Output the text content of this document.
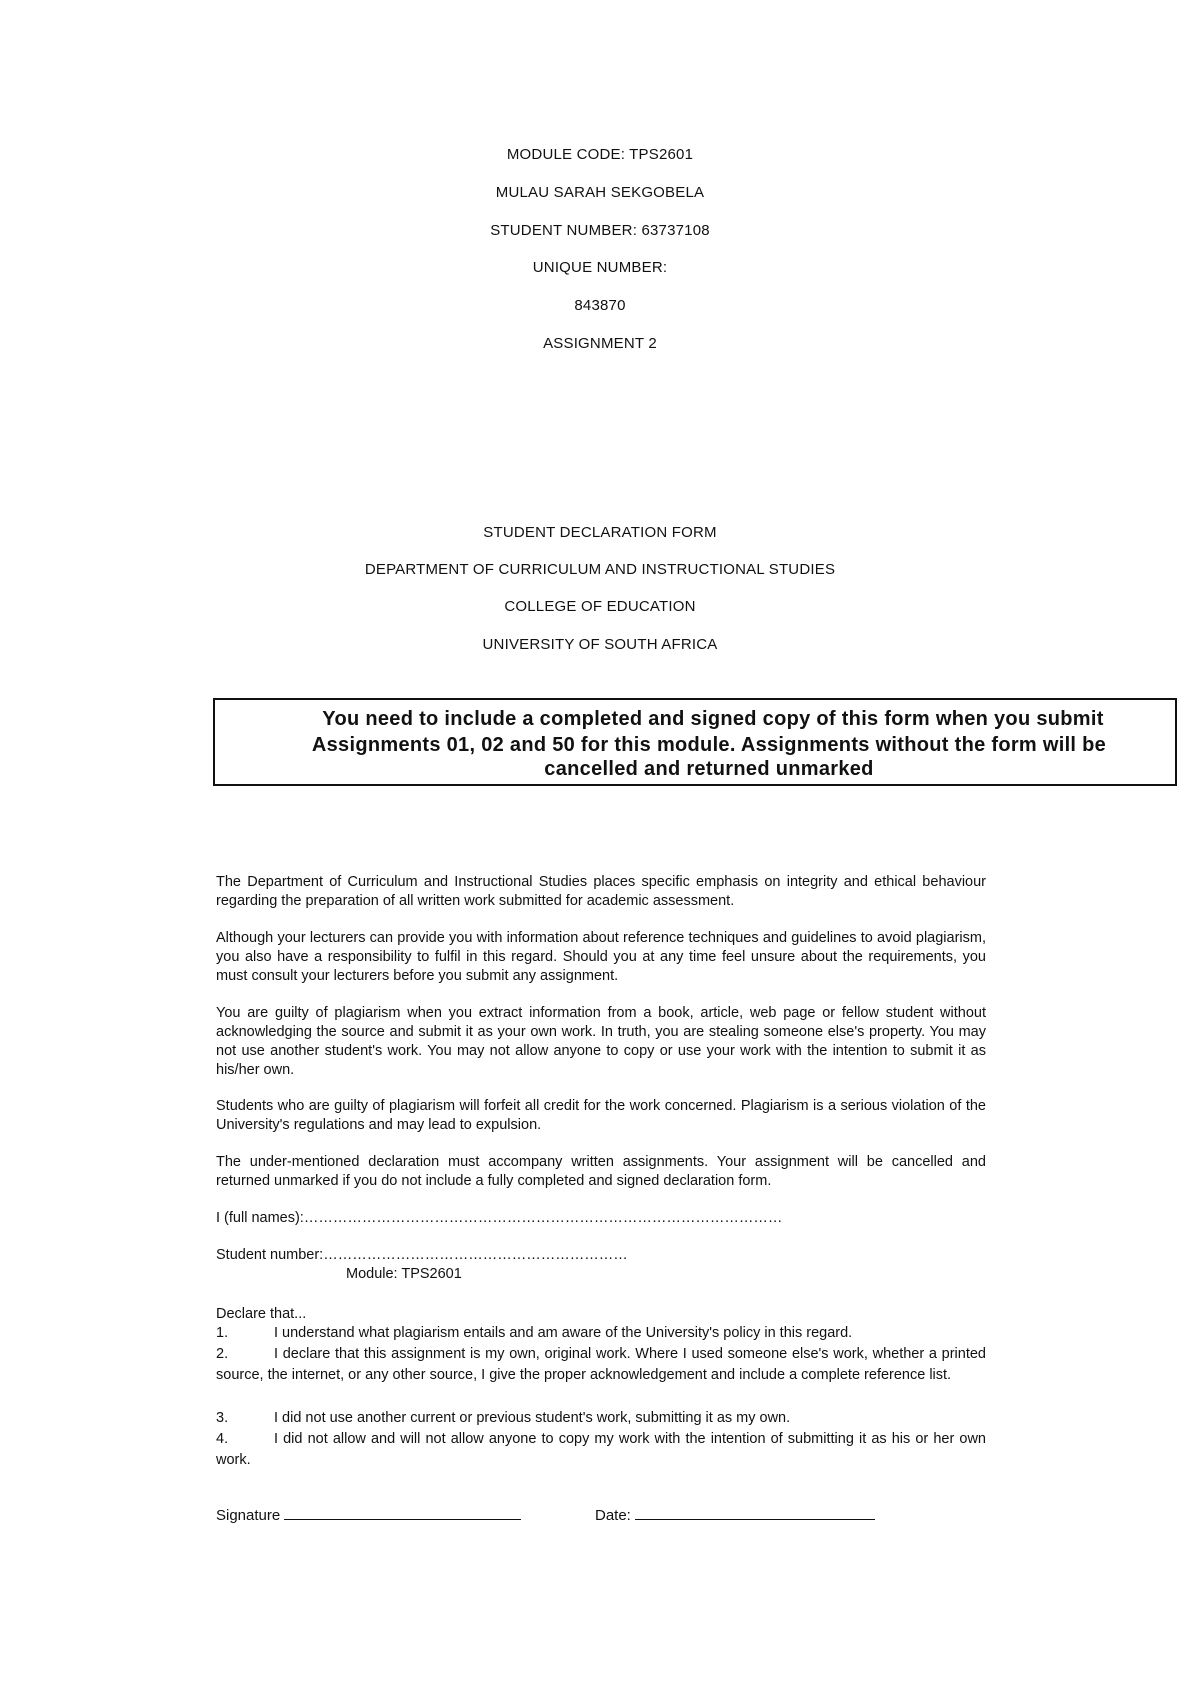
MODULE CODE: TPS2601
MULAU SARAH SEKGOBELA
STUDENT NUMBER: 63737108
UNIQUE NUMBER:
843870
ASSIGNMENT 2
STUDENT DECLARATION FORM
DEPARTMENT OF CURRICULUM AND INSTRUCTIONAL STUDIES
COLLEGE OF EDUCATION
UNIVERSITY OF SOUTH AFRICA
You need to include a completed and signed copy of this form when you submit
Assignments 01, 02 and 50 for this module. Assignments without the form will be
cancelled and returned unmarked

The Department of Curriculum and Instructional Studies places specific emphasis on integrity and ethical behaviour regarding the preparation of all written work submitted for academic assessment.

Although your lecturers can provide you with information about reference techniques and guidelines to avoid plagiarism, you also have a responsibility to fulfil in this regard. Should you at any time feel unsure about the requirements, you must consult your lecturers before you submit any assignment.

You are guilty of plagiarism when you extract information from a book, article, web page or fellow student without acknowledging the source and submit it as your own work. In truth, you are stealing someone else's property. You may not use another student's work. You may not allow anyone to copy or use your work with the intention to submit it as his/her own.

Students who are guilty of plagiarism will forfeit all credit for the work concerned. Plagiarism is a serious violation of the University's regulations and may lead to expulsion.

The under-mentioned declaration must accompany written assignments. Your assignment will be cancelled and returned unmarked if you do not include a fully completed and signed declaration form.

I (full names):………………………………………………………………………………………
Student number:………………………………………………………
Module: TPS2601
Declare that...
1.	I understand what plagiarism entails and am aware of the University's policy in this regard.
2.	I declare that this assignment is my own, original work. Where I used someone else's work, whether a printed source, the internet, or any other source, I give the proper acknowledgement and include a complete reference list.
3.	I did not use another current or previous student's work, submitting it as my own.
4.	I did not allow and will not allow anyone to copy my work with the intention of submitting it as his or her own work.
Signature	Date:
